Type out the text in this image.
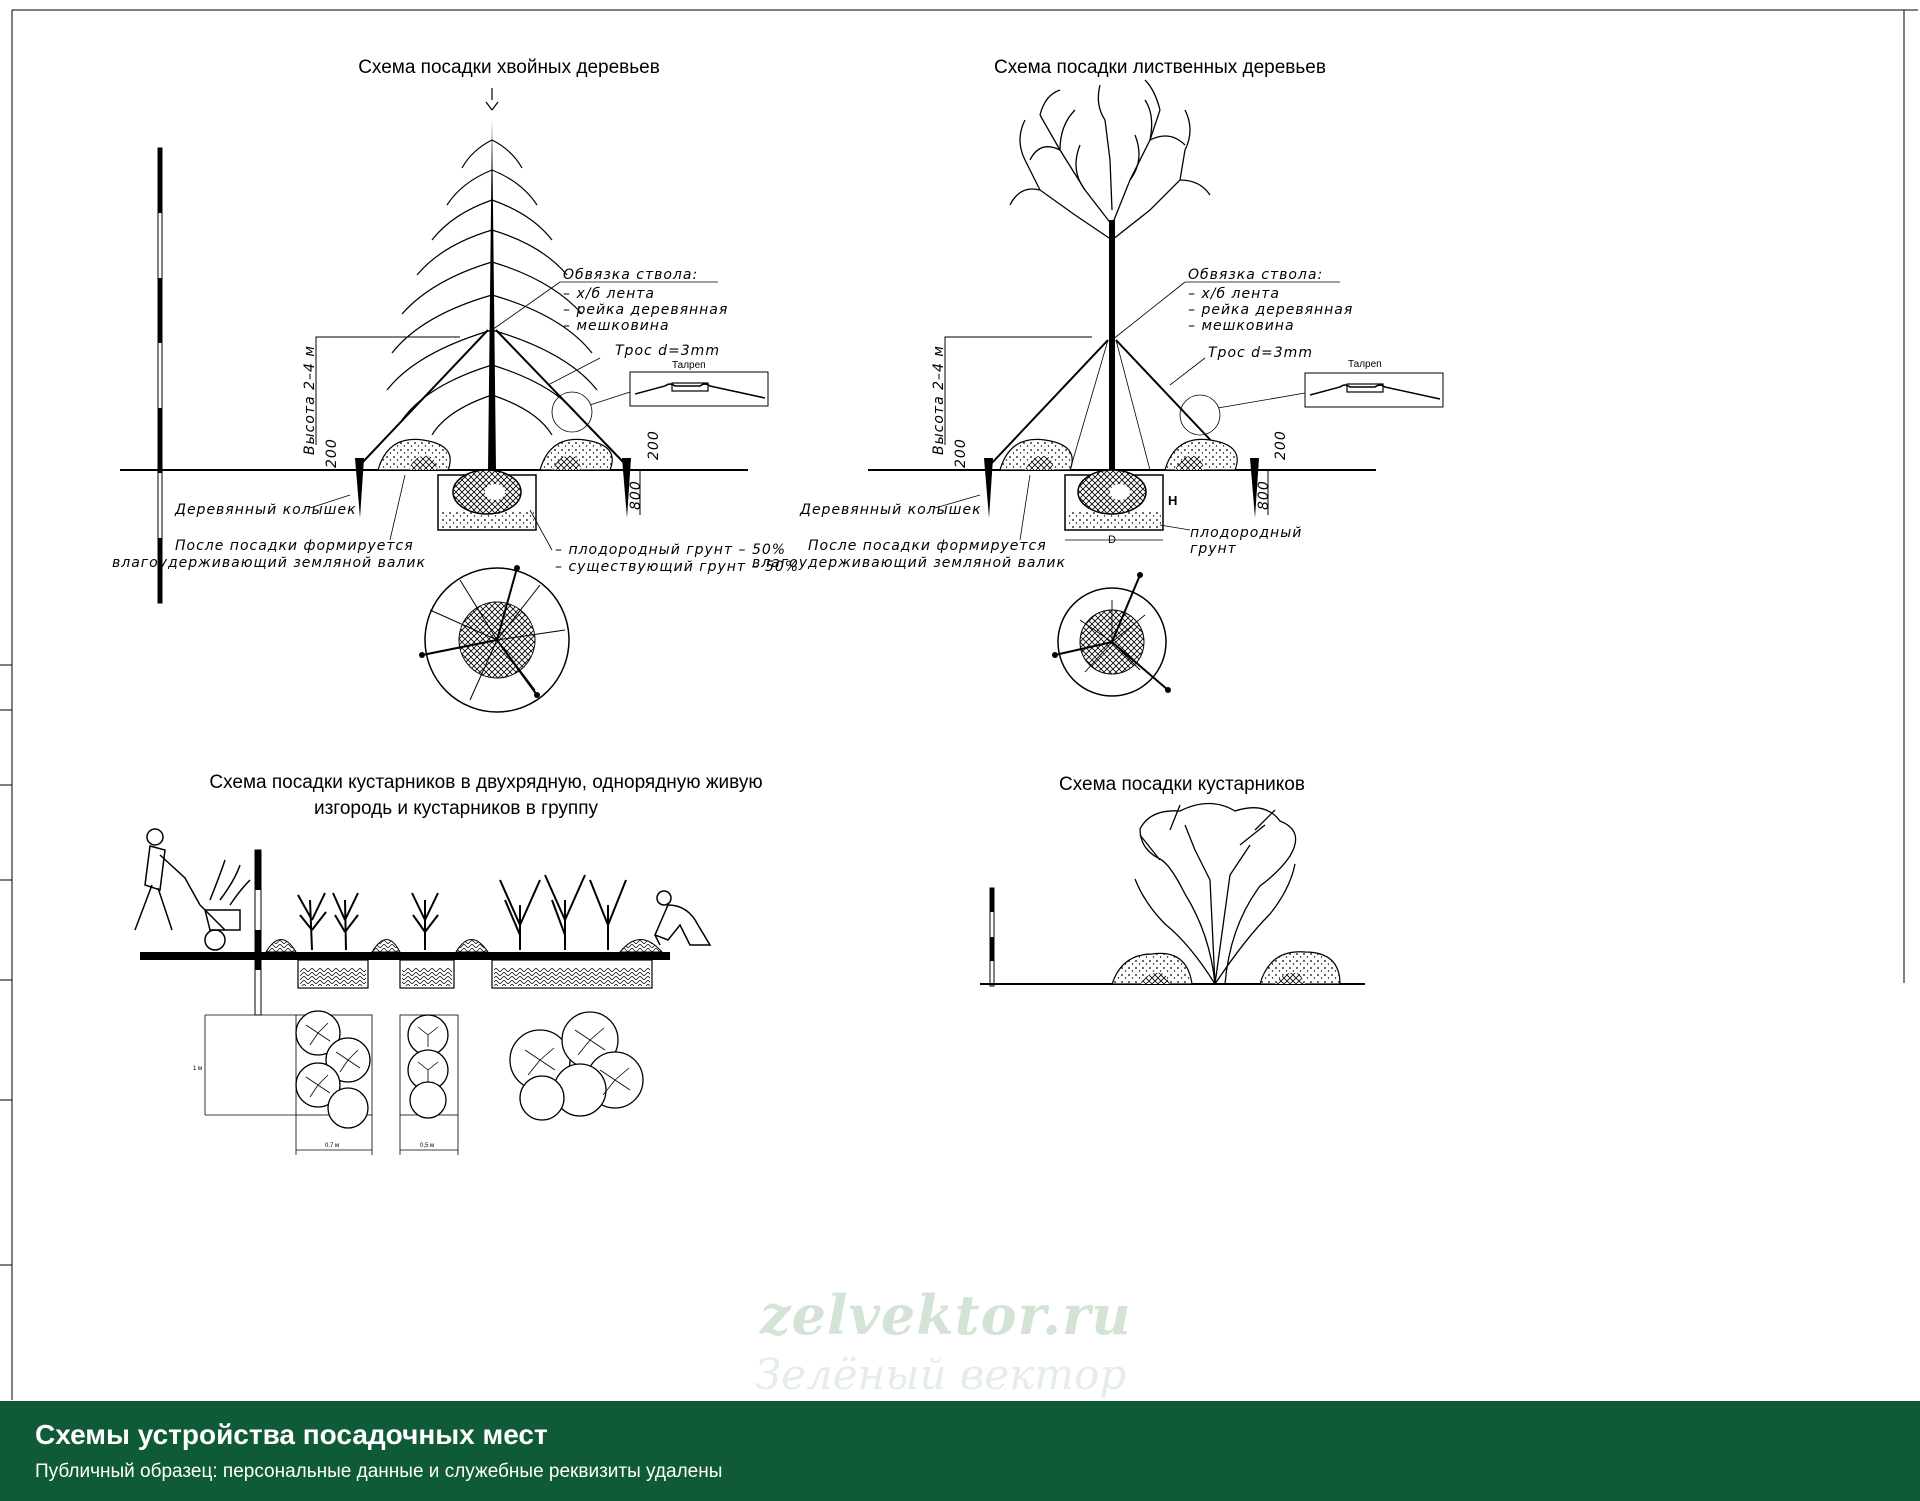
Схема посадки хвойных деревьев
Высота 2–4 м 200	200
800
Обвязка ствола:
– х/б лента
– рейка деревянная
– мешковина
Трос d=3mm
Талреп
Деревянный колышек
После посадки формируется
влагоудерживающий земляной валик
– плодородный грунт – 50%
– существующий грунт – 50%
Схема посадки лиственных деревьев
Высота 2–4 м
Н
D
200	200
800
Обвязка ствола:
– х/б лента
– рейка деревянная
– мешковина
Трос d=3mm
Талреп
Деревянный колышек
После посадки формируется
влагоудерживающий земляной валик
плодородный
грунт
Схема посадки кустарников в двухрядную, однорядную живую
изгородь и кустарников в группу
0,7 м	0,5 м
1 м
Схема посадки кустарников
zelvektor.ru
Схемы устройства посадочных мест
Публичный образец: персональные данные и служебные реквизиты удалены
Зелёный вектор
